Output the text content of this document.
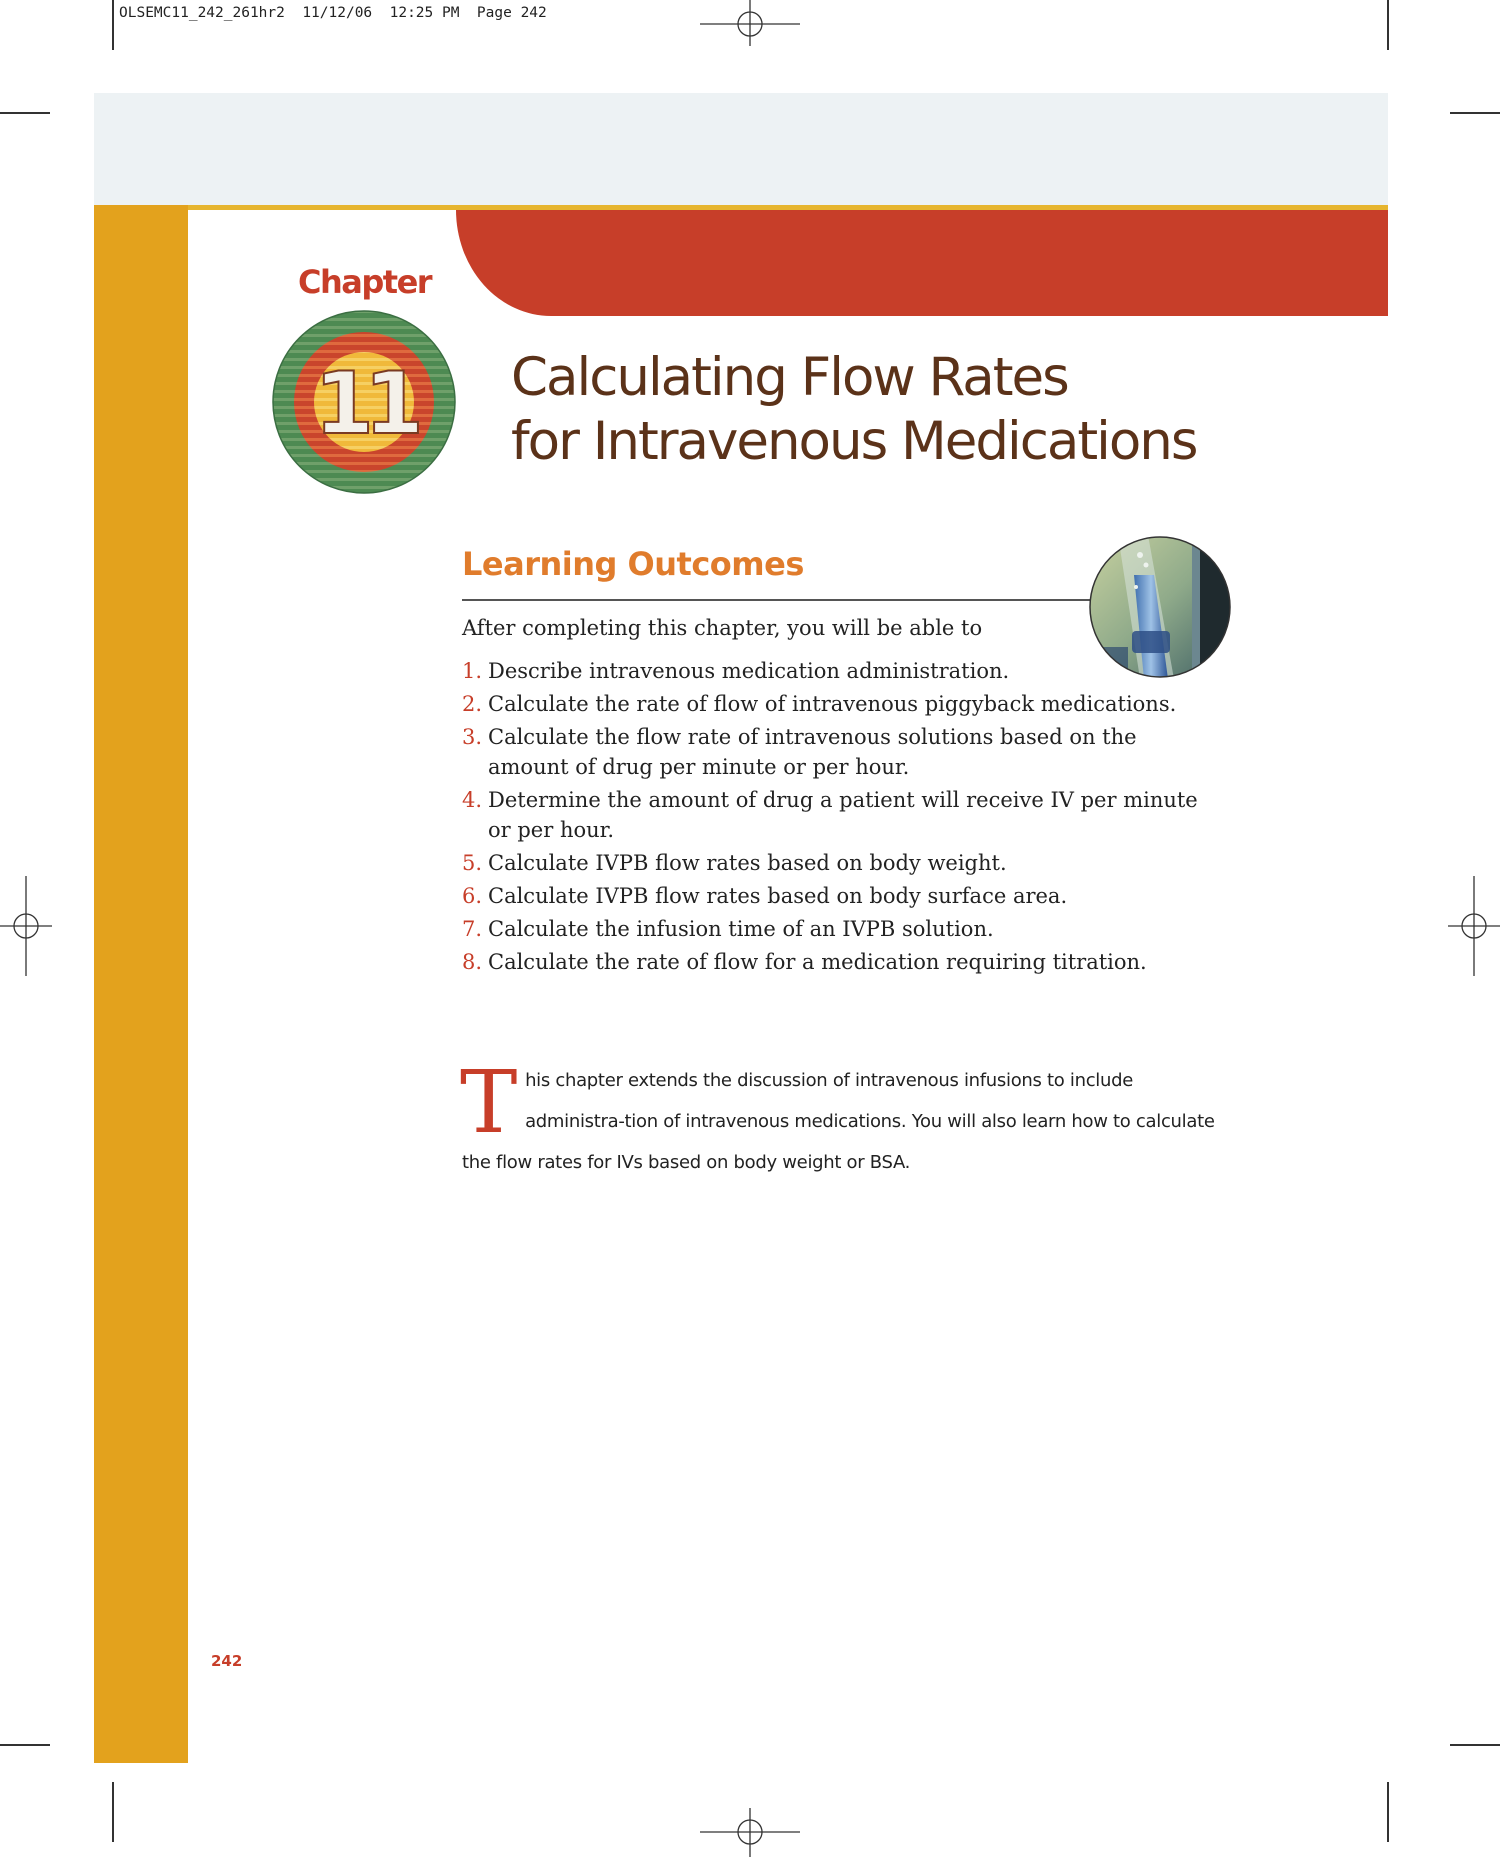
OLSEMC11_242_261hr2  11/12/06  12:25 PM  Page 242
Chapter
11 Calculating Flow Rates
for Intravenous Medications
Learning Outcomes
After completing this chapter, you will be able to
1. Describe intravenous medication administration.
2. Calculate the rate of flow of intravenous piggyback medications.
3. Calculate the flow rate of intravenous solutions based on the amount of drug per minute or per hour.
4. Determine the amount of drug a patient will receive IV per minute or per hour.
5. Calculate IVPB flow rates based on body weight.
6. Calculate IVPB flow rates based on body surface area.
7. Calculate the infusion time of an IVPB solution.
8. Calculate the rate of flow for a medication requiring titration.
This chapter extends the discussion of intravenous infusions to include administra-tion of intravenous medications. You will also learn how to calculate the flow rates for IVs based on body weight or BSA.
242
